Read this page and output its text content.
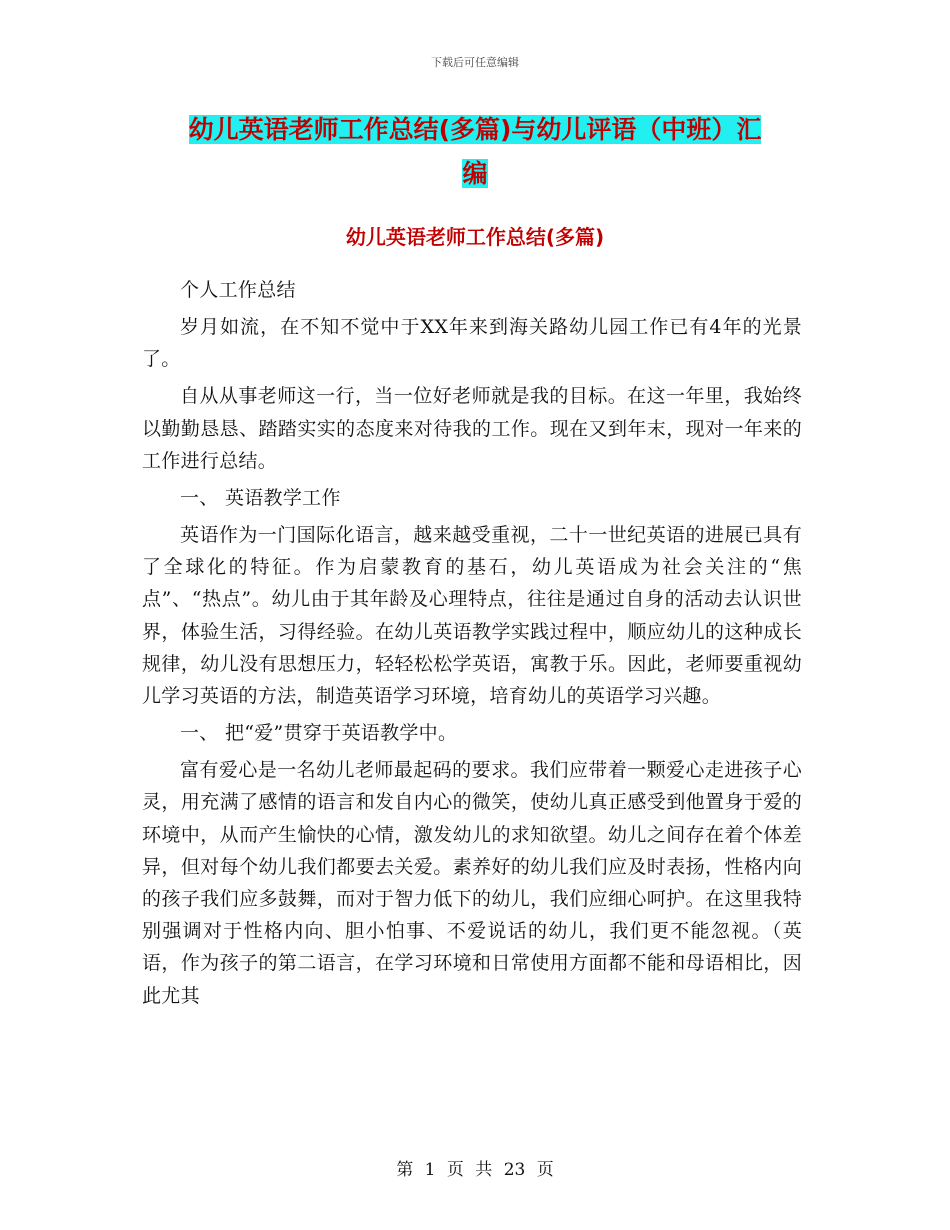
下载后可任意编辑
幼儿英语老师工作总结(多篇)与幼儿评语（中班）汇
编
幼儿英语老师工作总结(多篇)

个人工作总结

岁月如流，在不知不觉中于XX年来到海关路幼儿园工作已有4年的光景了。

自从从事老师这一行，当一位好老师就是我的目标。在这一年里，我始终以勤勤恳恳、踏踏实实的态度来对待我的工作。现在又到年末，现对一年来的工作进行总结。

一、 英语教学工作

英语作为一门国际化语言，越来越受重视，二十一世纪英语的进展已具有了全球化的特征。作为启蒙教育的基石，幼儿英语成为社会关注的“焦点”、“热点”。幼儿由于其年龄及心理特点，往往是通过自身的活动去认识世界，体验生活，习得经验。在幼儿英语教学实践过程中，顺应幼儿的这种成长规律，幼儿没有思想压力，轻轻松松学英语，寓教于乐。因此，老师要重视幼儿学习英语的方法，制造英语学习环境，培育幼儿的英语学习兴趣。

一、 把“爱”贯穿于英语教学中。

富有爱心是一名幼儿老师最起码的要求。我们应带着一颗爱心走进孩子心灵，用充满了感情的语言和发自内心的微笑，使幼儿真正感受到他置身于爱的环境中，从而产生愉快的心情，激发幼儿的求知欲望。幼儿之间存在着个体差异，但对每个幼儿我们都要去关爱。素养好的幼儿我们应及时表扬，性格内向的孩子我们应多鼓舞，而对于智力低下的幼儿，我们应细心呵护。在这里我特别强调对于性格内向、胆小怕事、不爱说话的幼儿，我们更不能忽视。（英语，作为孩子的第二语言，在学习环境和日常使用方面都不能和母语相比，因此尤其

第 1 页 共 23 页
